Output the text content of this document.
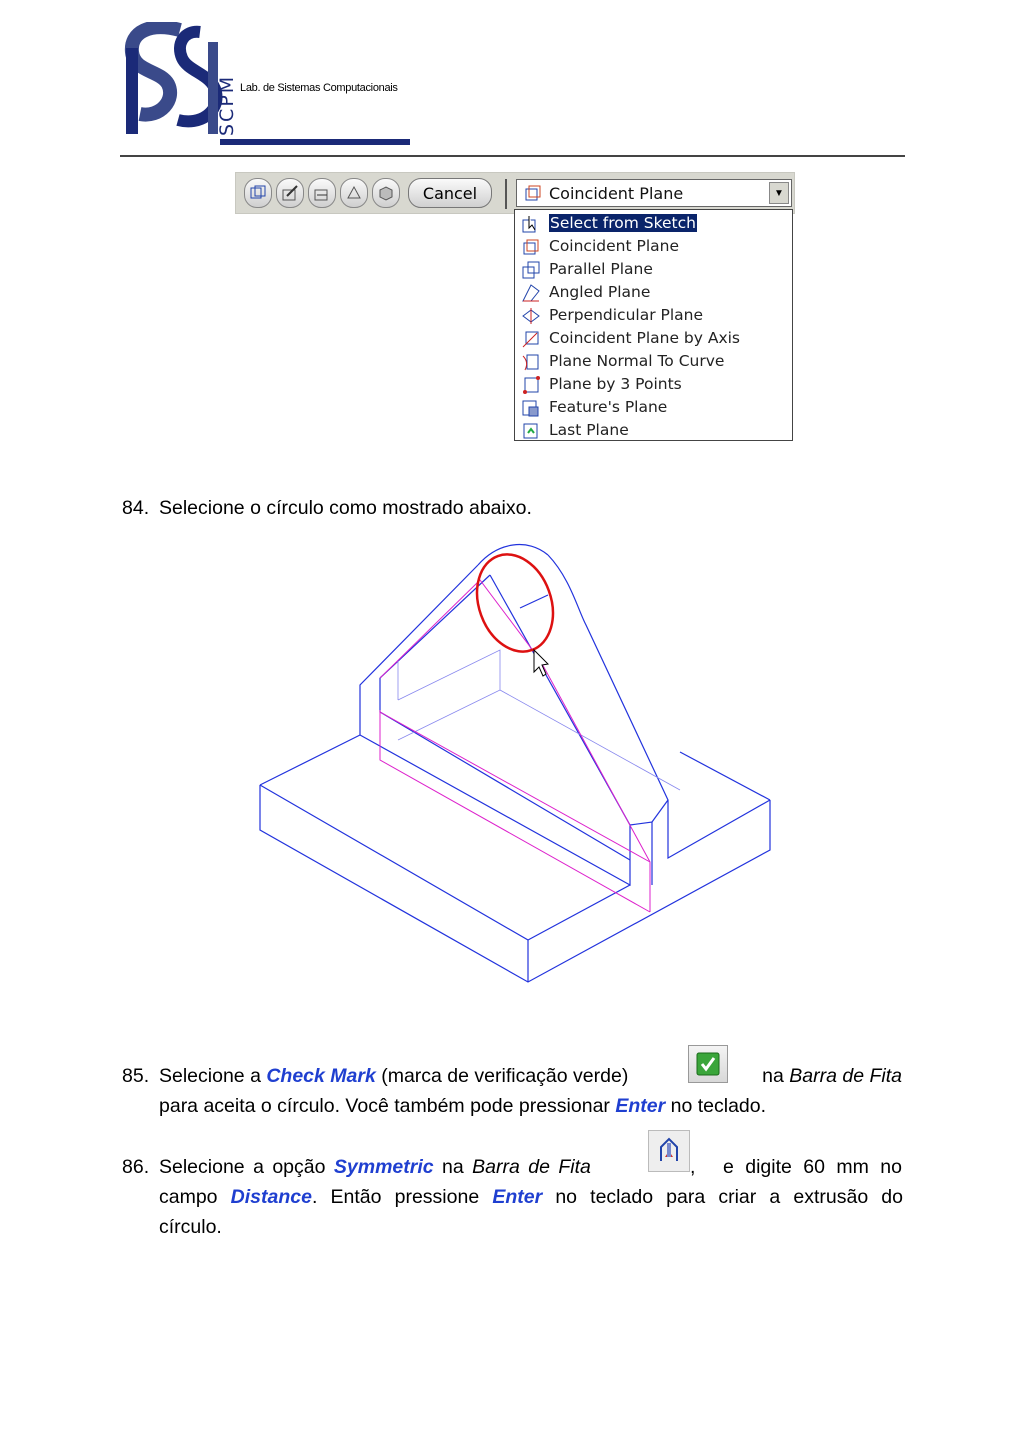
SCPM Lab. de Sistemas Computacionais
Cancel	Coincident Plane	▼
Select from Sketch
Coincident Plane
Parallel Plane
Angled Plane
Perpendicular Plane
Coincident Plane by Axis
Plane Normal To Curve
Plane by 3 Points
Feature's Plane
Last Plane
84. Selecione o círculo como mostrado abaixo.
85. Selecione a Check Mark (marca de verificação verde)	na Barra de Fita
para aceita o círculo. Você também pode pressionar Enter no teclado.
86. Selecione a opção Symmetric na Barra de Fita	, e digite 60 mm no
campo Distance. Então pressione Enter no teclado para criar a extrusão do
círculo.
